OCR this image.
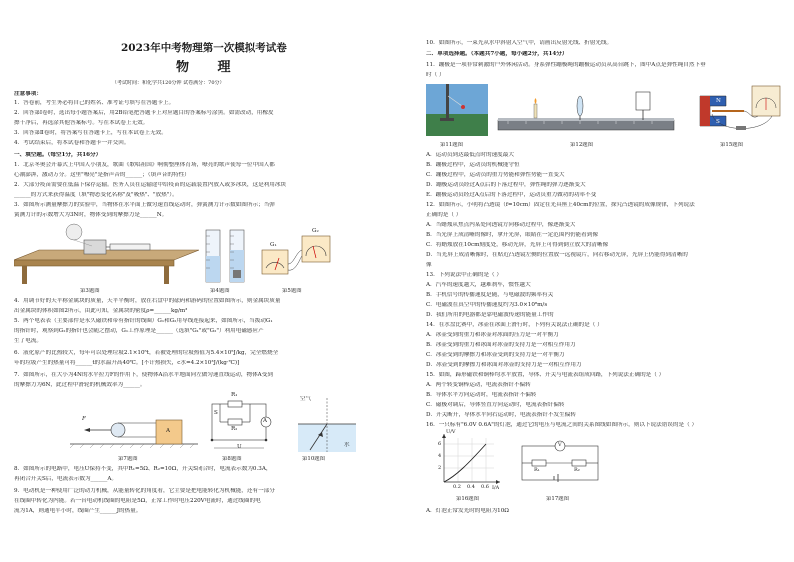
2023年中考物理第一次模拟考试卷
物 理
（考试时间：和化学共120分钟 试卷满分：70分）
注意事项：
1．答卷前，考生务必将自己的姓名、准考证号填写在答题卡上。
2．回答第Ⅰ卷时，选出每小题答案后，用2B铅笔把答题卡上对应题目的答案标号涂黑。如需改动，用橡皮
擦干净后，再选涂其他答案标号。写在本试卷上无效。
3．回答第Ⅱ卷时，将答案写在答题卡上，写在本试卷上无效。
4．考试结束后，将本试卷和答题卡一并交回。
一、填空题。（每空1分，共16分）
1．北京冬奥会开幕式上中国人小朋友，歌曲《歌唱祖国》响彻整座体育场，嘹亮的歌声使每一位中国人都
心潮澎湃，激动万分。这里"嘹亮"是指声音的______；（填声音的特性）
2．大部分疫苗需要在低温下保存运输。医务人员在运输途中给疫苗的运载装置内放入或多冰块，这是利用冰块
______的方式来获得温度（填"物态变化名称"及"吸热"、"放热"）。
3．如图所示测量摩擦力的实验中，当物体在水平面上做匀速直线运动时，弹簧测力计示数如图所示；当弹
簧测力计的示数增大为3N时，物体受到的摩擦力是______N。
G₁
G₂
第3题图	第4题图	第5题图
4．用调节好的天平称金属块的质量，天平平衡时，放在右盘中的砝码和游码的位置如图所示，则金属块质量
出金属块的体积如图2所示，由此可知，金属块的密度ρ=______kg/m³
5．两个电表表（主要部件是永久磁铁和带有指针的线圈）G₁和G₂用导线连接起来，如图所示，当拨动G₁
的指针时，观察到G₂的指针也会随之摆动，G₁工作原理是______（选填"G₁"或"G₂"）利用电磁感应产
生了电流。
6．液化原产的比热较大，每年可以处理垃圾2.1×10⁵t，若被处理的垃圾热值为5.4×10⁵J/kg，完全燃烧全
年的垃圾产生的热量可将______t的水温升高40℃。[不计热损失，c水=4.2×10³J/(kg·℃)]
7．如图所示，在大小为4N的水平拉力F的作用下，使物体A沿水平地面向左做匀速直线运动，物体A受到
的摩擦力为6N，此过程中滑轮的机械效率为______。
F
A
R₁
R₂
A
S
U
空气
水
第7题图	第8题图	第10题图
8．如图所示的电路中，电压U保持不变，其中R₁=5Ω、R₂=10Ω，开关S闭合时，电流表示数为0.3A，
再闭合开关S后，电流表示数为______A。
9．电动机是一种使用广泛的动力机械，从能量转化的角度看，它主要是把电能转化为机械能，还有一部分
在线圈中转化为内能。若一台电动机线圈的电阻是5Ω，正常工作时电压220V电流时，通过线圈的电
流为1A，则通电半小时，线圈产生______J的热量。
10．如图所示，一束光从水中斜射入空气中，请画出反射光线、折射光线。
二．单项选择题。（本题共7小题，每小题2分，共14分）
11．蹦极是一项非常刺激的户外休闲活动。身系弹性蹦极绳的蹦极运动员从高台跳下，图中A点是弹性绳自然下垂
时（ ）
N
S
第11题图	第12题图	第15题图
A．运动员到达最低点时的速度最大
B．蹦极过程中，运动员的机械能守恒
C．蹦极过程中，运动员的重力势能和弹性势能一直变大
D．蹦极运动员经过A点后的下落过程中，弹性绳的弹力逐渐变大
E．蹦极运动员经过A点后的下落过程中，运动员重力做功的功率不变
12．如图所示，小明将凸透镜（f=10cm）固定在光具座上40cm的位置，探究凸透镜的成像规律，下列说法
正确的是（ ）
A．当蜡烛从焦点内某处向透镜方向移动过程中，像逐渐变大
B．当光屏上成清晰的像时，拿开光屏，眼睛在一定范围内仍能看到像
C．将蜡烛放在10cm刻度处，移动光屏，光屏上可得到倒立放大的清晰像
D．当光屏上成清晰像时，在贴近凸透镜左侧的位置放一远视镜片，向右移动光屏，光屏上仍能得到清晰的
像
13．下列说法中正确的是（ ）
A．汽车的速度越大，越难刹车，惯性越大
B．手机信号的传播速度是随，与电磁波的频率有关
C．电磁波在真空中的传播速度约为3.0×10⁸m/s
D．我们所用的电器都是靠电磁波传递的能量工作的
14．在水盘比赛中，冰壶在冰面上滑行时，下列有关说法正确的是（ ）
A．冰壶受到的重力和冰壶对冰面的压力是一对平衡力
B．冰壶受到的重力和冰面对冰壶的支持力是一对相互作用力
C．冰壶受到的摩擦力和冰壶受到的支持力是一对平衡力
D．冰壶受到的摩擦力和冰面对冰壶的支持力是一对相互作用力
15．如图，蹄形磁铁和铜棒均水平放置，导体、开关与电流表组成回路，下列说法正确的是（ ）
A．两个转变铜棒运动，电流表指针不偏转
B．导体水平方向运动时，电流表指针不偏转
C．磁极对调后，导体竖直方向运动时，电流表指针偏转
D．开关断开，导体水平向右运动时，电流表指针不发生偏转
16．一只标有"6.0V 0.6A"的灯泡，通过它的电压与电流之间的关系图线如图所示，则以下说法错误的是（ ）
U/V
I/A
6
4
2
0.2 0.4 0.6
V
R₁	R₂
第16题图	第17题图
A．灯泡正常发光时的电阻为10Ω
